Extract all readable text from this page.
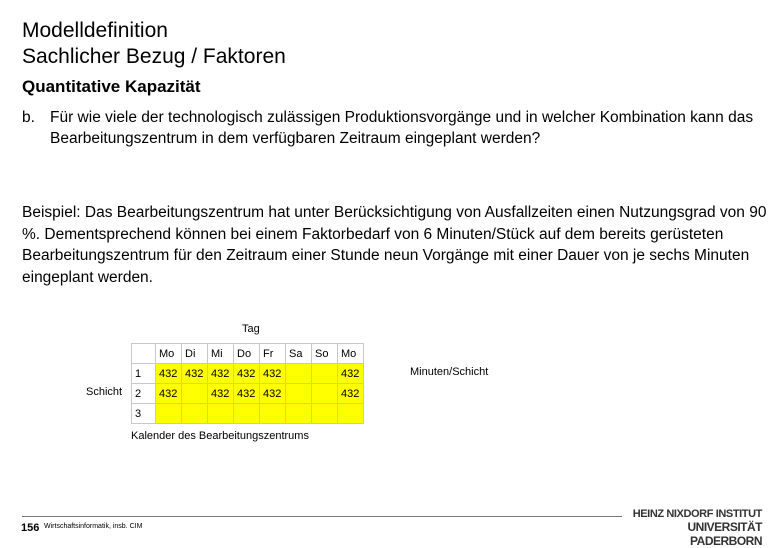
Modelldefinition
Sachlicher Bezug / Faktoren
Quantitative Kapazität
b. Für wie viele der technologisch zulässigen Produktionsvorgänge und in welcher Kombination kann das Bearbeitungszentrum in dem verfügbaren Zeitraum eingeplant werden?
Beispiel: Das Bearbeitungszentrum hat unter Berücksichtigung von Ausfallzeiten einen Nutzungsgrad von 90 %. Dementsprechend können bei einem Faktorbedarf von 6 Minuten/Stück auf dem bereits gerüsteten Bearbeitungszentrum für den Zeitraum einer Stunde neun Vorgänge mit einer Dauer von je sechs Minuten eingeplant werden.
Tag
Schicht
Minuten/Schicht
	Mo	Di	Mi	Do	Fr	Sa	So	Mo
1	432	432	432	432	432			432
2	432		432	432	432			432
3								
Kalender des Bearbeitungszentrums
156 Wirtschaftsinformatik, insb. CIM
HEINZ NIXDORF INSTITUT
UNIVERSITÄT PADERBORN
